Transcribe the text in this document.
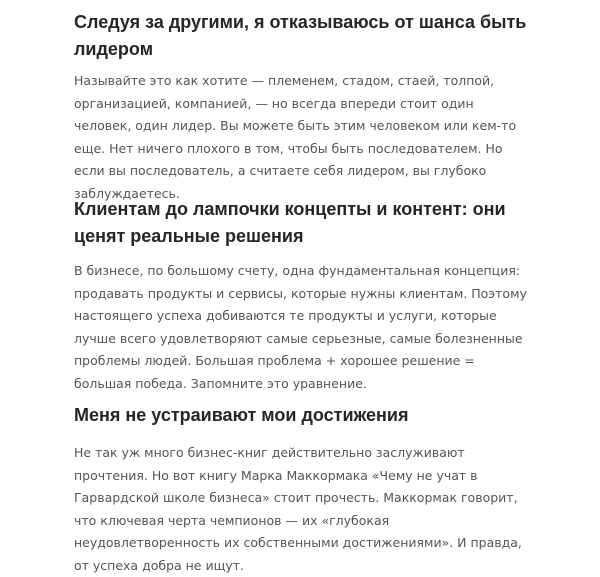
Следуя за другими, я отказываюсь от шанса быть лидером

Называйте это как хотите — племенем, стадом, стаей, толпой, организацией, компанией, — но всегда впереди стоит один человек, один лидер. Вы можете быть этим человеком или кем-то еще. Нет ничего плохого в том, чтобы быть последователем. Но если вы последователь, а считаете себя лидером, вы глубоко заблуждаетесь.

Клиентам до лампочки концепты и контент: они ценят реальные решения

В бизнесе, по большому счету, одна фундаментальная концепция: продавать продукты и сервисы, которые нужны клиентам. Поэтому настоящего успеха добиваются те продукты и услуги, которые лучше всего удовлетворяют самые серьезные, самые болезненные проблемы людей. Большая проблема + хорошее решение = большая победа. Запомните это уравнение.

Меня не устраивают мои достижения

Не так уж много бизнес-книг действительно заслуживают прочтения. Но вот книгу Марка Маккормака «Чему не учат в Гарвардской школе бизнеса» стоит прочесть. Маккормак говорит, что ключевая черта чемпионов — их «глубокая неудовлетворенность их собственными достижениями». И правда, от успеха добра не ищут.
